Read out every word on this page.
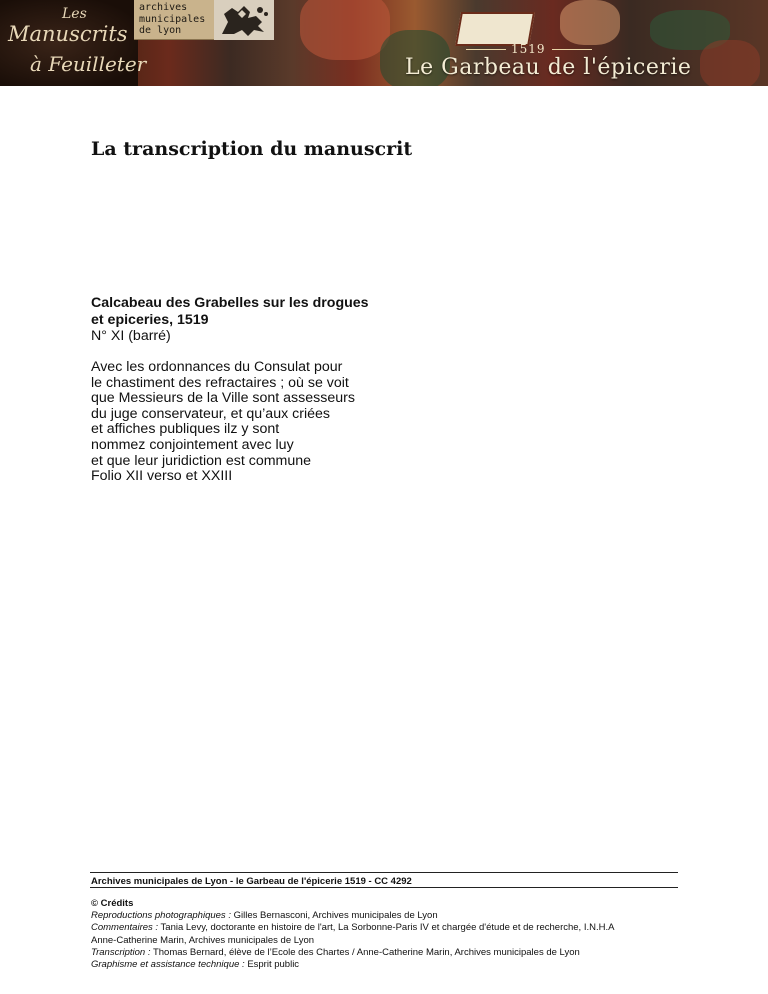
Les
Manuscrits
à Feuilleter
archives
municipales
de lyon
1519
Le Garbeau de l'épicerie
La transcription du manuscrit
Calcabeau des Grabelles sur les drogues et epiceries, 1519
N° XI (barré)
Avec les ordonnances du Consulat pour
le chastiment des refractaires ; où se voit
que Messieurs de la Ville sont assesseurs
du juge conservateur, et qu’aux criées
et affiches publiques ilz y sont
nommez conjointement avec luy
et que leur juridiction est commune
Folio XII verso et XXIII
Archives municipales de Lyon - le Garbeau de l'épicerie 1519 - CC 4292
© Crédits
Reproductions photographiques : Gilles Bernasconi, Archives municipales de Lyon
Commentaires : Tania Levy, doctorante en histoire de l'art, La Sorbonne-Paris IV et chargée d'étude et de recherche, I.N.H.A
Anne-Catherine Marin, Archives municipales de Lyon
Transcription : Thomas Bernard, élève de l’Ecole des Chartes / Anne-Catherine Marin, Archives municipales de Lyon
Graphisme et assistance technique : Esprit public
